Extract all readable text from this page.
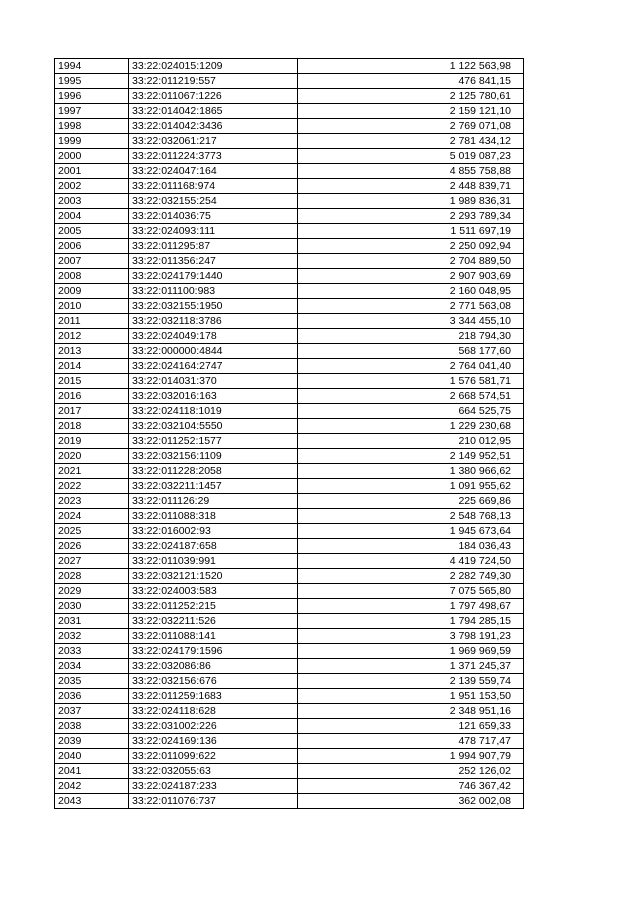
1994	33:22:024015:1209	1 122 563,98
1995	33:22:011219:557	476 841,15
1996	33:22:011067:1226	2 125 780,61
1997	33:22:014042:1865	2 159 121,10
1998	33:22:014042:3436	2 769 071,08
1999	33:22:032061:217	2 781 434,12
2000	33:22:011224:3773	5 019 087,23
2001	33:22:024047:164	4 855 758,88
2002	33:22:011168:974	2 448 839,71
2003	33:22:032155:254	1 989 836,31
2004	33:22:014036:75	2 293 789,34
2005	33:22:024093:111	1 511 697,19
2006	33:22:011295:87	2 250 092,94
2007	33:22:011356:247	2 704 889,50
2008	33:22:024179:1440	2 907 903,69
2009	33:22:011100:983	2 160 048,95
2010	33:22:032155:1950	2 771 563,08
2011	33:22:032118:3786	3 344 455,10
2012	33:22:024049:178	218 794,30
2013	33:22:000000:4844	568 177,60
2014	33:22:024164:2747	2 764 041,40
2015	33:22:014031:370	1 576 581,71
2016	33:22:032016:163	2 668 574,51
2017	33:22:024118:1019	664 525,75
2018	33:22:032104:5550	1 229 230,68
2019	33:22:011252:1577	210 012,95
2020	33:22:032156:1109	2 149 952,51
2021	33:22:011228:2058	1 380 966,62
2022	33:22:032211:1457	1 091 955,62
2023	33:22:011126:29	225 669,86
2024	33:22:011088:318	2 548 768,13
2025	33:22:016002:93	1 945 673,64
2026	33:22:024187:658	184 036,43
2027	33:22:011039:991	4 419 724,50
2028	33:22:032121:1520	2 282 749,30
2029	33:22:024003:583	7 075 565,80
2030	33:22:011252:215	1 797 498,67
2031	33:22:032211:526	1 794 285,15
2032	33:22:011088:141	3 798 191,23
2033	33:22:024179:1596	1 969 969,59
2034	33:22:032086:86	1 371 245,37
2035	33:22:032156:676	2 139 559,74
2036	33:22:011259:1683	1 951 153,50
2037	33:22:024118:628	2 348 951,16
2038	33:22:031002:226	121 659,33
2039	33:22:024169:136	478 717,47
2040	33:22:011099:622	1 994 907,79
2041	33:22:032055:63	252 126,02
2042	33:22:024187:233	746 367,42
2043	33:22:011076:737	362 002,08
